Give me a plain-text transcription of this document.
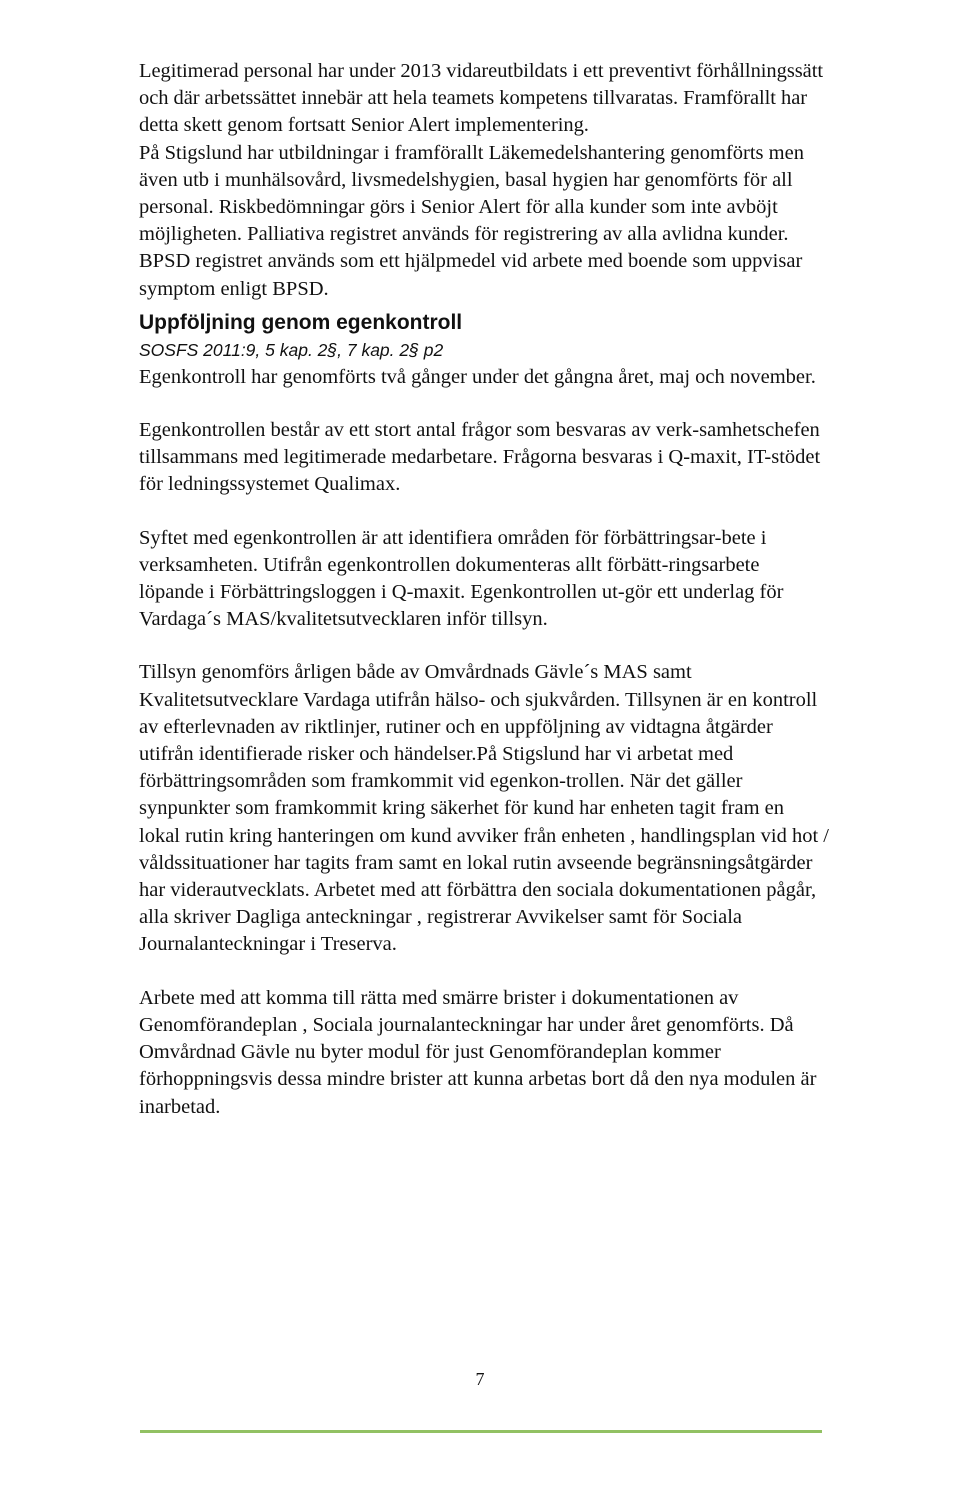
Legitimerad personal har under 2013 vidareutbildats i ett preventivt förhållningssätt och där arbetssättet innebär att hela teamets kompetens tillvaratas. Framförallt har detta skett genom fortsatt Senior Alert implementering.

På Stigslund har utbildningar i framförallt Läkemedelshantering genomförts men även utb i munhälsovård, livsmedelshygien, basal hygien har genomförts för all personal. Riskbedömningar görs i Senior Alert för alla kunder som inte avböjt möjligheten. Palliativa registret används för registrering av alla avlidna kunder. BPSD registret används som ett hjälpmedel vid arbete med boende som uppvisar symptom enligt BPSD.

Uppföljning genom egenkontroll

SOSFS 2011:9, 5 kap. 2§, 7 kap. 2§ p2

Egenkontroll har genomförts två gånger under det gångna året, maj och november.

Egenkontrollen består av ett stort antal frågor som besvaras av verk-samhetschefen tillsammans med legitimerade medarbetare. Frågorna besvaras i Q-maxit, IT-stödet för ledningssystemet Qualimax.

Syftet med egenkontrollen är att identifiera områden för förbättringsar-bete i verksamheten. Utifrån egenkontrollen dokumenteras allt förbätt-ringsarbete löpande i Förbättringsloggen i Q-maxit. Egenkontrollen ut-gör ett underlag för Vardaga´s MAS/kvalitetsutvecklaren inför tillsyn.

Tillsyn genomförs årligen både av Omvårdnads Gävle´s MAS samt Kvalitetsutvecklare Vardaga utifrån hälso- och sjukvården. Tillsynen är en kontroll av efterlevnaden av riktlinjer, rutiner och en uppföljning av vidtagna åtgärder utifrån identifierade risker och händelser.På Stigslund har vi arbetat med förbättringsområden som framkommit vid egenkon-trollen. När det gäller synpunkter som framkommit kring säkerhet för kund har enheten tagit fram en lokal rutin kring hanteringen om kund avviker från enheten , handlingsplan vid hot / våldssituationer har tagits fram samt en lokal rutin avseende begränsningsåtgärder har viderautvecklats. Arbetet med att förbättra den sociala dokumentationen pågår, alla skriver Dagliga anteckningar , registrerar Avvikelser samt för Sociala Journalanteckningar i Treserva.

Arbete med att komma till rätta med smärre brister i dokumentationen av Genomförandeplan , Sociala journalanteckningar har under året genomförts. Då Omvårdnad Gävle nu byter modul för just Genomförandeplan kommer förhoppningsvis dessa mindre brister att kunna arbetas bort då den nya modulen är inarbetad.

7
